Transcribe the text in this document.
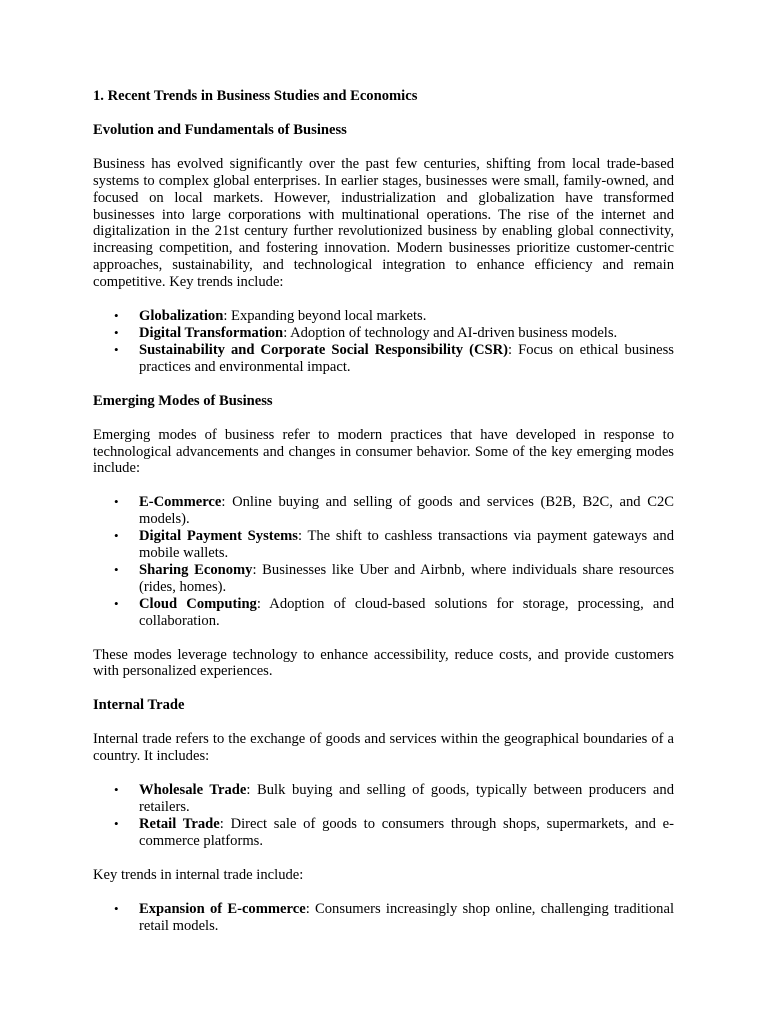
1. Recent Trends in Business Studies and Economics
Evolution and Fundamentals of Business

Business has evolved significantly over the past few centuries, shifting from local trade-based systems to complex global enterprises. In earlier stages, businesses were small, family-owned, and focused on local markets. However, industrialization and globalization have transformed businesses into large corporations with multinational operations. The rise of the internet and digitalization in the 21st century further revolutionized business by enabling global connectivity, increasing competition, and fostering innovation. Modern businesses prioritize customer-centric approaches, sustainability, and technological integration to enhance efficiency and remain competitive. Key trends include:

• Globalization: Expanding beyond local markets.
• Digital Transformation: Adoption of technology and AI-driven business models.
• Sustainability and Corporate Social Responsibility (CSR): Focus on ethical business practices and environmental impact.
Emerging Modes of Business

Emerging modes of business refer to modern practices that have developed in response to technological advancements and changes in consumer behavior. Some of the key emerging modes include:

• E-Commerce: Online buying and selling of goods and services (B2B, B2C, and C2C models).
• Digital Payment Systems: The shift to cashless transactions via payment gateways and mobile wallets.
• Sharing Economy: Businesses like Uber and Airbnb, where individuals share resources (rides, homes).
• Cloud Computing: Adoption of cloud-based solutions for storage, processing, and collaboration.

These modes leverage technology to enhance accessibility, reduce costs, and provide customers with personalized experiences.

Internal Trade

Internal trade refers to the exchange of goods and services within the geographical boundaries of a country. It includes:

• Wholesale Trade: Bulk buying and selling of goods, typically between producers and retailers.
• Retail Trade: Direct sale of goods to consumers through shops, supermarkets, and e-commerce platforms.

Key trends in internal trade include:

• Expansion of E-commerce: Consumers increasingly shop online, challenging traditional retail models.
